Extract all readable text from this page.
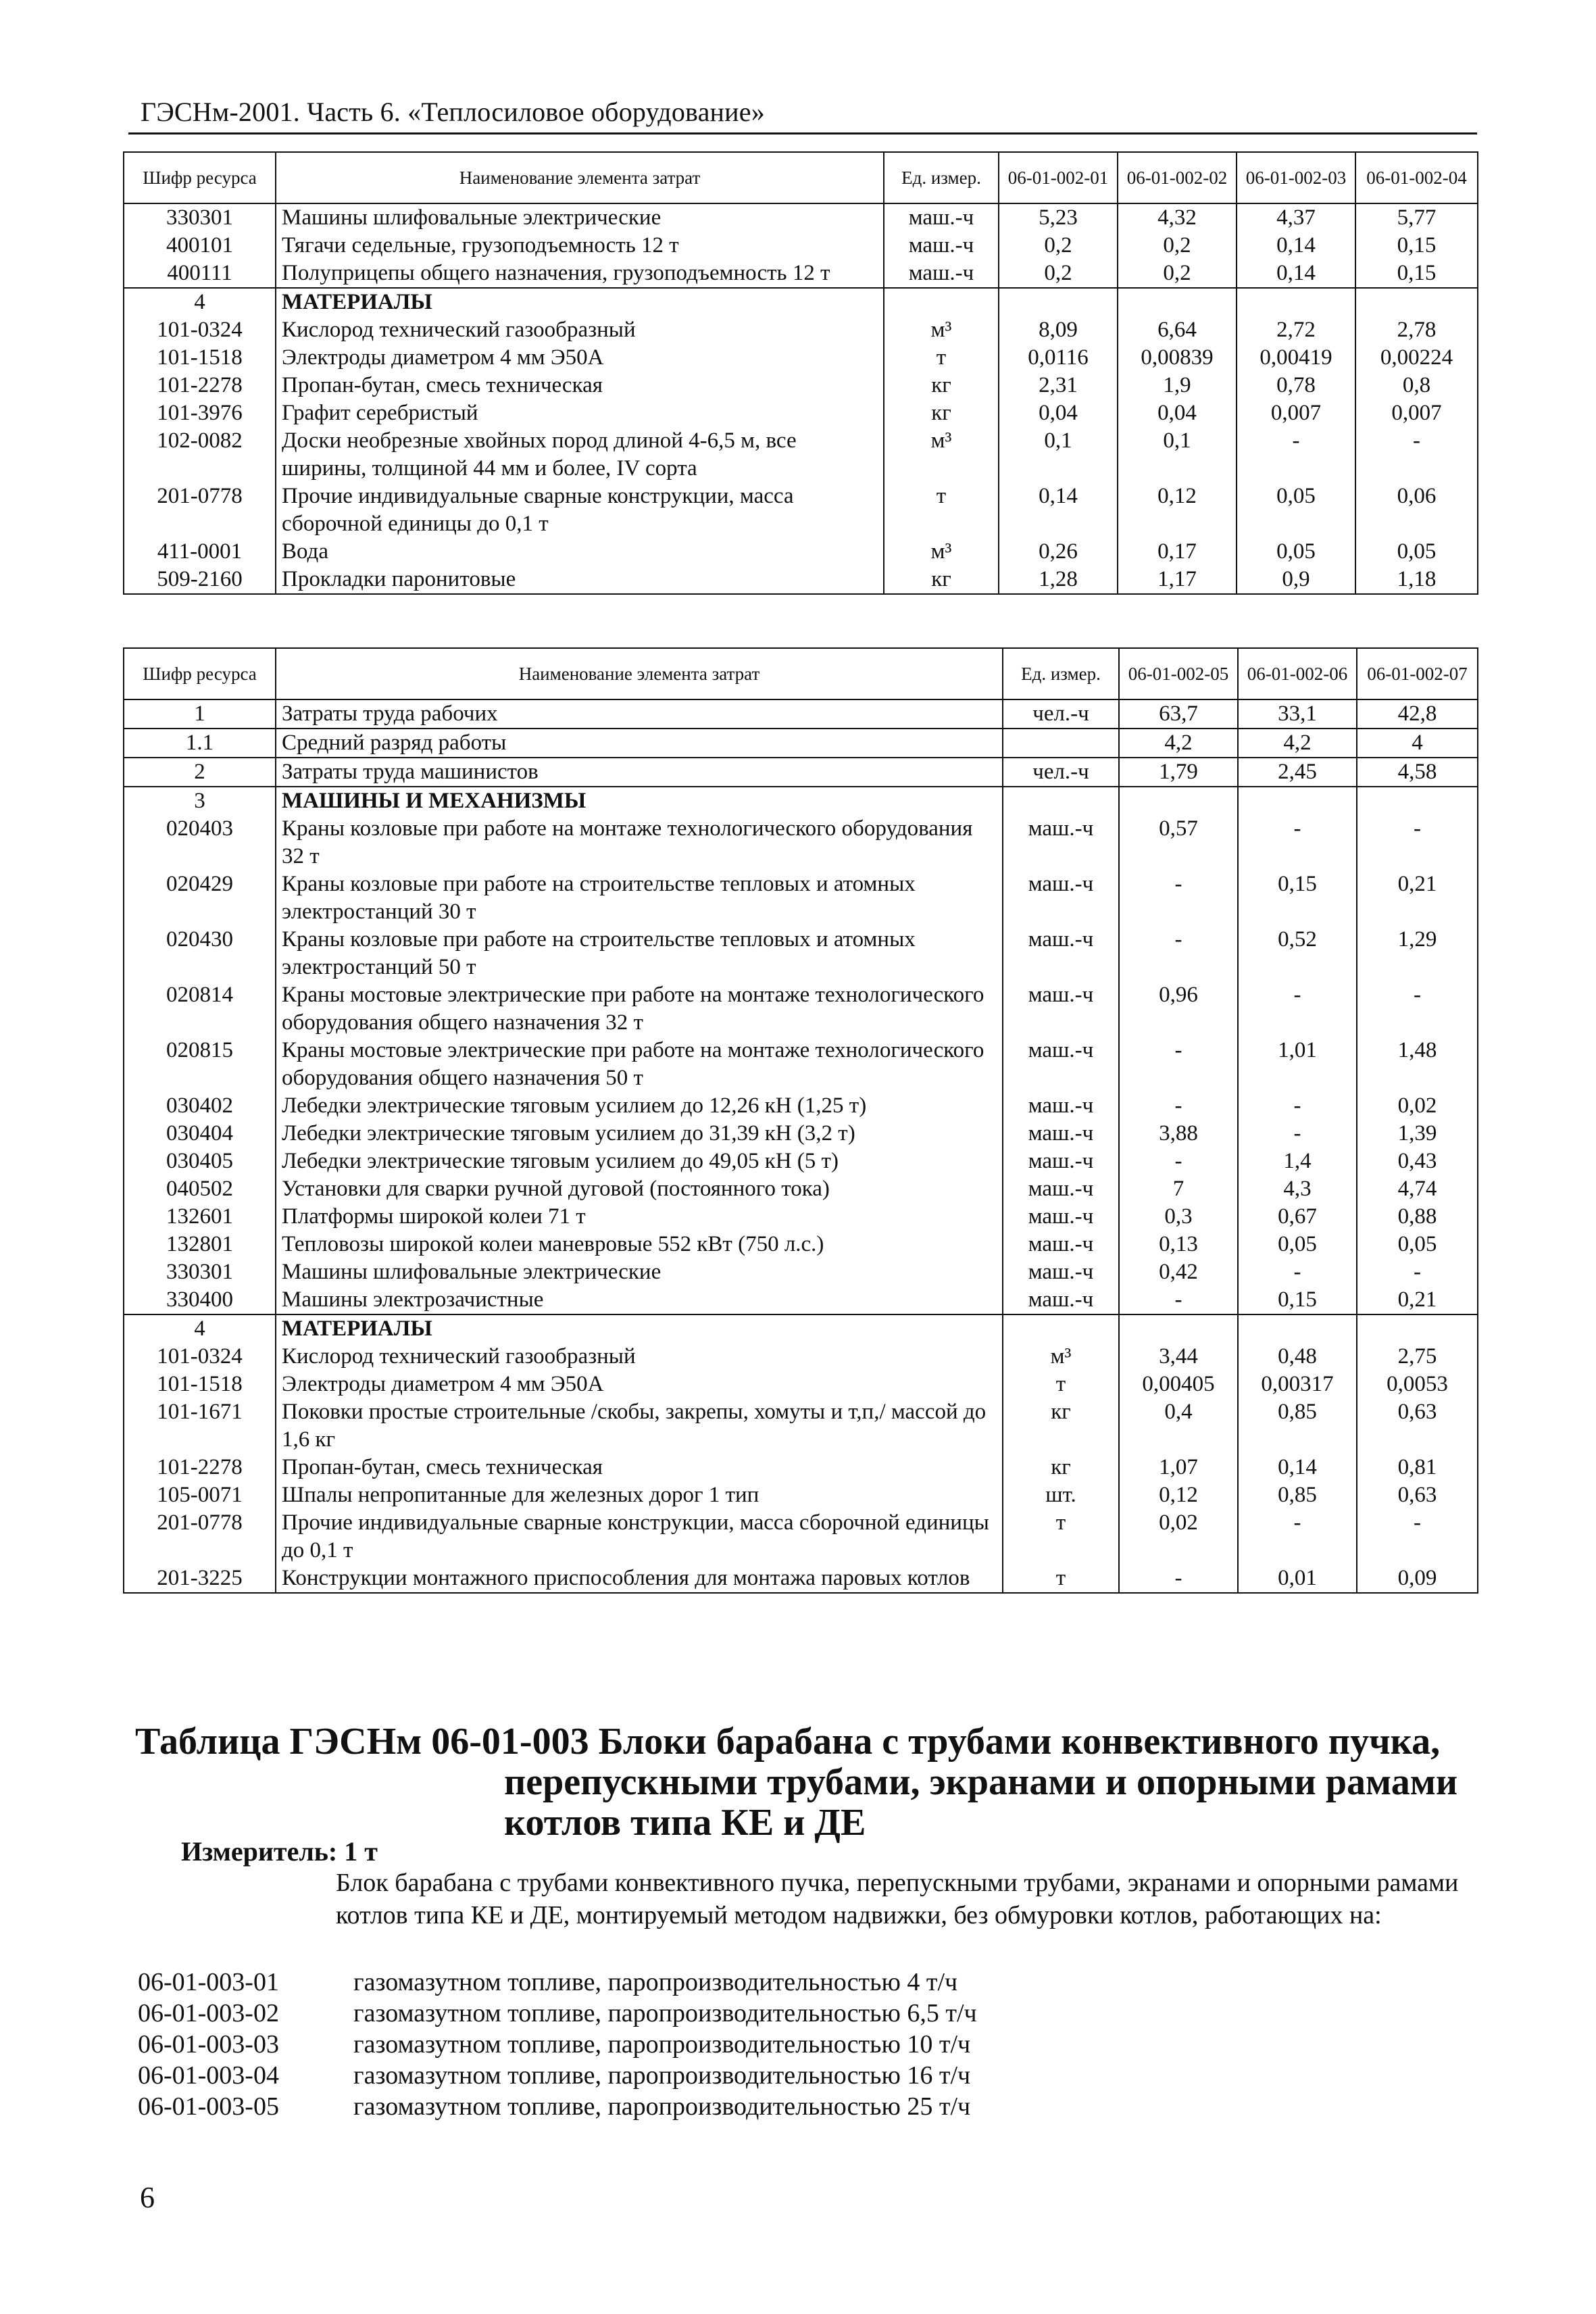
ГЭСНм-2001. Часть 6. «Теплосиловое оборудование»
Шифр ресурса	Наименование элемента затрат	Ед. измер.	06-01-002-01	06-01-002-02	06-01-002-03	06-01-002-04
330301	Машины шлифовальные электрические	маш.-ч	5,23	4,32	4,37	5,77
400101	Тягачи седельные, грузоподъемность 12 т	маш.-ч	0,2	0,2	0,14	0,15
400111	Полуприцепы общего назначения, грузоподъемность 12 т	маш.-ч	0,2	0,2	0,14	0,15
4	МАТЕРИАЛЫ					
101-0324	Кислород технический газообразный	м³	8,09	6,64	2,72	2,78
101-1518	Электроды диаметром 4 мм Э50А	т	0,0116	0,00839	0,00419	0,00224
101-2278	Пропан-бутан, смесь техническая	кг	2,31	1,9	0,78	0,8
101-3976	Графит серебристый	кг	0,04	0,04	0,007	0,007
102-0082	Доски необрезные хвойных пород длиной 4-6,5 м, все ширины, толщиной 44 мм и более, IV сорта	м³	0,1	0,1	-	-
201-0778	Прочие индивидуальные сварные конструкции, масса сборочной единицы до 0,1 т	т	0,14	0,12	0,05	0,06
411-0001	Вода	м³	0,26	0,17	0,05	0,05
509-2160	Прокладки паронитовые	кг	1,28	1,17	0,9	1,18
Шифр ресурса	Наименование элемента затрат	Ед. измер.	06-01-002-05	06-01-002-06	06-01-002-07
1	Затраты труда рабочих	чел.-ч	63,7	33,1	42,8
1.1	Средний разряд работы		4,2	4,2	4
2	Затраты труда машинистов	чел.-ч	1,79	2,45	4,58
3	МАШИНЫ И МЕХАНИЗМЫ				
020403	Краны козловые при работе на монтаже технологического оборудования 32 т	маш.-ч	0,57	-	-
020429	Краны козловые при работе на строительстве тепловых и атомных электростанций 30 т	маш.-ч	-	0,15	0,21
020430	Краны козловые при работе на строительстве тепловых и атомных электростанций 50 т	маш.-ч	-	0,52	1,29
020814	Краны мостовые электрические при работе на монтаже технологического оборудования общего назначения 32 т	маш.-ч	0,96	-	-
020815	Краны мостовые электрические при работе на монтаже технологического оборудования общего назначения 50 т	маш.-ч	-	1,01	1,48
030402	Лебедки электрические тяговым усилием до 12,26 кН (1,25 т)	маш.-ч	-	-	0,02
030404	Лебедки электрические тяговым усилием до 31,39 кН (3,2 т)	маш.-ч	3,88	-	1,39
030405	Лебедки электрические тяговым усилием до 49,05 кН (5 т)	маш.-ч	-	1,4	0,43
040502	Установки для сварки ручной дуговой (постоянного тока)	маш.-ч	7	4,3	4,74
132601	Платформы широкой колеи 71 т	маш.-ч	0,3	0,67	0,88
132801	Тепловозы широкой колеи маневровые 552 кВт (750 л.с.)	маш.-ч	0,13	0,05	0,05
330301	Машины шлифовальные электрические	маш.-ч	0,42	-	-
330400	Машины электрозачистные	маш.-ч	-	0,15	0,21
4	МАТЕРИАЛЫ				
101-0324	Кислород технический газообразный	м³	3,44	0,48	2,75
101-1518	Электроды диаметром 4 мм Э50А	т	0,00405	0,00317	0,0053
101-1671	Поковки простые строительные /скобы, закрепы, хомуты и т,п,/ массой до 1,6 кг	кг	0,4	0,85	0,63
101-2278	Пропан-бутан, смесь техническая	кг	1,07	0,14	0,81
105-0071	Шпалы непропитанные для железных дорог 1 тип	шт.	0,12	0,85	0,63
201-0778	Прочие индивидуальные сварные конструкции, масса сборочной единицы до 0,1 т	т	0,02	-	-
201-3225	Конструкции монтажного приспособления для монтажа паровых котлов	т	-	0,01	0,09
Таблица ГЭСНм 06-01-003 Блоки барабана с трубами конвективного пучка,
перепускными трубами, экранами и опорными рамами
котлов типа КЕ и ДЕ
Измеритель: 1 т
Блок барабана с трубами конвективного пучка, перепускными трубами, экранами и опорными рамами котлов типа КЕ и ДЕ, монтируемый методом надвижки, без обмуровки котлов, работающих на:
06-01-003-01	газомазутном топливе, паропроизводительностью 4 т/ч
06-01-003-02	газомазутном топливе, паропроизводительностью 6,5 т/ч
06-01-003-03	газомазутном топливе, паропроизводительностью 10 т/ч
06-01-003-04	газомазутном топливе, паропроизводительностью 16 т/ч
06-01-003-05	газомазутном топливе, паропроизводительностью 25 т/ч
6
